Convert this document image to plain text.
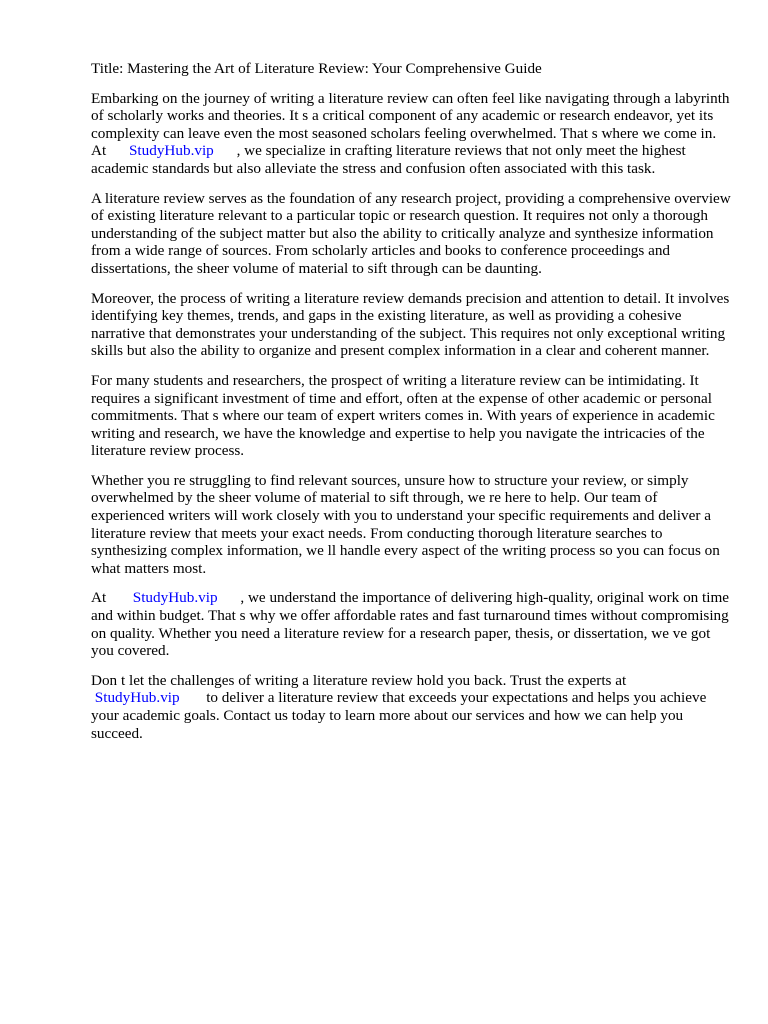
Title: Mastering the Art of Literature Review: Your Comprehensive Guide

Embarking on the journey of writing a literature review can often feel like navigating through a labyrinth of scholarly works and theories. It s a critical component of any academic or research endeavor, yet its complexity can leave even the most seasoned scholars feeling overwhelmed. That s where we come in. At      StudyHub.vip      , we specialize in crafting literature reviews that not only meet the highest academic standards but also alleviate the stress and confusion often associated with this task.

A literature review serves as the foundation of any research project, providing a comprehensive overview of existing literature relevant to a particular topic or research question. It requires not only a thorough understanding of the subject matter but also the ability to critically analyze and synthesize information from a wide range of sources. From scholarly articles and books to conference proceedings and dissertations, the sheer volume of material to sift through can be daunting.

Moreover, the process of writing a literature review demands precision and attention to detail. It involves identifying key themes, trends, and gaps in the existing literature, as well as providing a cohesive narrative that demonstrates your understanding of the subject. This requires not only exceptional writing skills but also the ability to organize and present complex information in a clear and coherent manner.

For many students and researchers, the prospect of writing a literature review can be intimidating. It requires a significant investment of time and effort, often at the expense of other academic or personal commitments. That s where our team of expert writers comes in. With years of experience in academic writing and research, we have the knowledge and expertise to help you navigate the intricacies of the literature review process.

Whether you re struggling to find relevant sources, unsure how to structure your review, or simply overwhelmed by the sheer volume of material to sift through, we re here to help. Our team of experienced writers will work closely with you to understand your specific requirements and deliver a literature review that meets your exact needs. From conducting thorough literature searches to synthesizing complex information, we ll handle every aspect of the writing process so you can focus on what matters most.

At       StudyHub.vip      , we understand the importance of delivering high-quality, original work on time and within budget. That s why we offer affordable rates and fast turnaround times without compromising on quality. Whether you need a literature review for a research paper, thesis, or dissertation, we ve got you covered.

Don t let the challenges of writing a literature review hold you back. Trust the experts at  StudyHub.vip       to deliver a literature review that exceeds your expectations and helps you achieve your academic goals. Contact us today to learn more about our services and how we can help you succeed.
